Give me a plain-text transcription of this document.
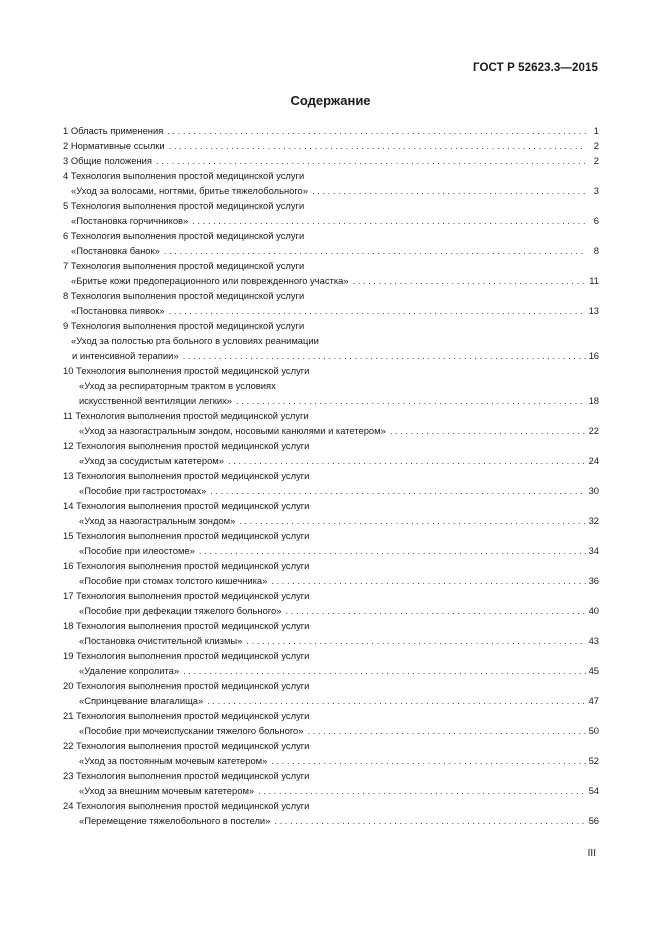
ГОСТ Р 52623.3—2015
Содержание
1 Область применения . . .	1
2 Нормативные ссылки . . .	2
3 Общие положения . . .	2
4 Технология выполнения простой медицинской услуги
«Уход за волосами, ногтями, бритье тяжелобольного» . . .	3
5 Технология выполнения простой медицинской услуги
«Постановка горчичников» . . .	6
6 Технология выполнения простой медицинской услуги
«Постановка банок» . . .	8
7 Технология выполнения простой медицинской услуги
«Бритье кожи предоперационного или поврежденного участка» . . .	11
8 Технология выполнения простой медицинской услуги
«Постановка пиявок» . . .	13
9 Технология выполнения простой медицинской услуги
«Уход за полостью рта больного в условиях реанимации
и интенсивной терапии» . . .	16
10 Технология выполнения простой медицинской услуги
«Уход за респираторным трактом в условиях
искусственной вентиляции легких» . . .	18
11 Технология выполнения простой медицинской услуги
«Уход за назогастральным зондом, носовыми канюлями и катетером» . . .	22
12 Технология выполнения простой медицинской услуги
«Уход за сосудистым катетером» . . .	24
13 Технология выполнения простой медицинской услуги
«Пособие при гастростомах» . . .	30
14 Технология выполнения простой медицинской услуги
«Уход за назогастральным зондом» . . .	32
15 Технология выполнения простой медицинской услуги
«Пособие при илеостоме» . . .	34
16 Технология выполнения простой медицинской услуги
«Пособие при стомах толстого кишечника» . . .	36
17 Технология выполнения простой медицинской услуги
«Пособие при дефекации тяжелого больного» . . .	40
18 Технология выполнения простой медицинской услуги
«Постановка очистительной клизмы» . . .	43
19 Технология выполнения простой медицинской услуги
«Удаление копролита» . . .	45
20 Технология выполнения простой медицинской услуги
«Спринцевание влагалища» . . .	47
21 Технология выполнения простой медицинской услуги
«Пособие при мочеиспускании тяжелого больного» . . .	50
22 Технология выполнения простой медицинской услуги
«Уход за постоянным мочевым катетером» . . .	52
23 Технология выполнения простой медицинской услуги
«Уход за внешним мочевым катетером» . . .	54
24 Технология выполнения простой медицинской услуги
«Перемещение тяжелобольного в постели» . . .	56
III
